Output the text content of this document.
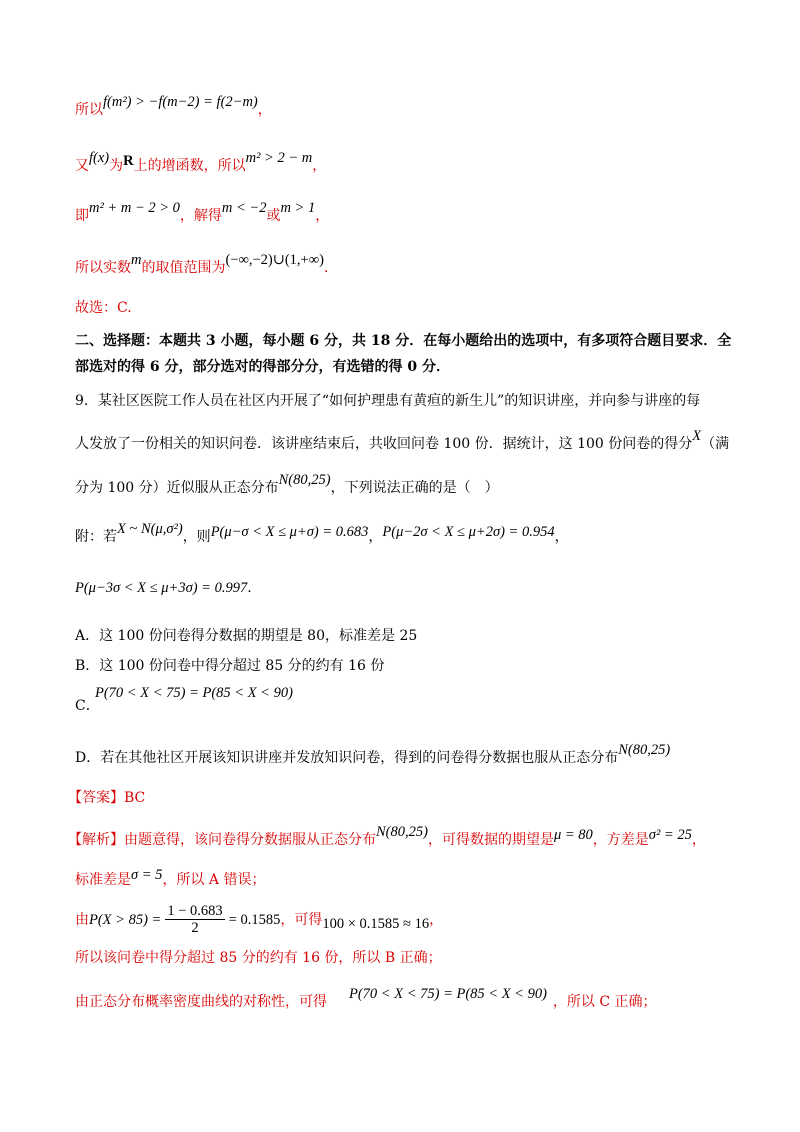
所以f(m²) > −f(m−2) = f(2−m)，
又f(x)为R上的增函数，所以m² > 2 − m，
即m² + m − 2 > 0，解得m < −2或m > 1，
所以实数m的取值范围为(−∞,−2)∪(1,+∞).
故选：C.
二、选择题：本题共 3 小题，每小题 6 分，共 18 分．在每小题给出的选项中，有多项符合题目要求．全部选对的得 6 分，部分选对的得部分分，有选错的得 0 分．
9．某社区医院工作人员在社区内开展了“如何护理患有黄疸的新生儿”的知识讲座，并向参与讲座的每
人发放了一份相关的知识问卷．该讲座结束后，共收回问卷 100 份．据统计，这 100 份问卷的得分X（满
分为 100 分）近似服从正态分布N(80,25)，下列说法正确的是（　）
附：若X ~ N(μ,σ²)，则P(μ−σ < X ≤ μ+σ) = 0.683，P(μ−2σ < X ≤ μ+2σ) = 0.954，
P(μ−3σ < X ≤ μ+3σ) = 0.997.
A．这 100 份问卷得分数据的期望是 80，标准差是 25
B．这 100 份问卷中得分超过 85 分的约有 16 份
P(70 < X < 75) = P(85 < X < 90)
C．
D．若在其他社区开展该知识讲座并发放知识问卷，得到的问卷得分数据也服从正态分布N(80,25)
【答案】BC
【解析】由题意得，该问卷得分数据服从正态分布N(80,25)，可得数据的期望是μ = 80，方差是σ² = 25，
标准差是σ = 5，所以 A 错误；
由$P(X > 85) = \frac{1 - 0.683}{2} = 0.1585$，可得100 × 0.1585 ≈ 16，
所以该问卷中得分超过 85 分的约有 16 份，所以 B 正确；
由正态分布概率密度曲线的对称性，可得 P(70 < X < 75) = P(85 < X < 90) ，所以 C 正确；
